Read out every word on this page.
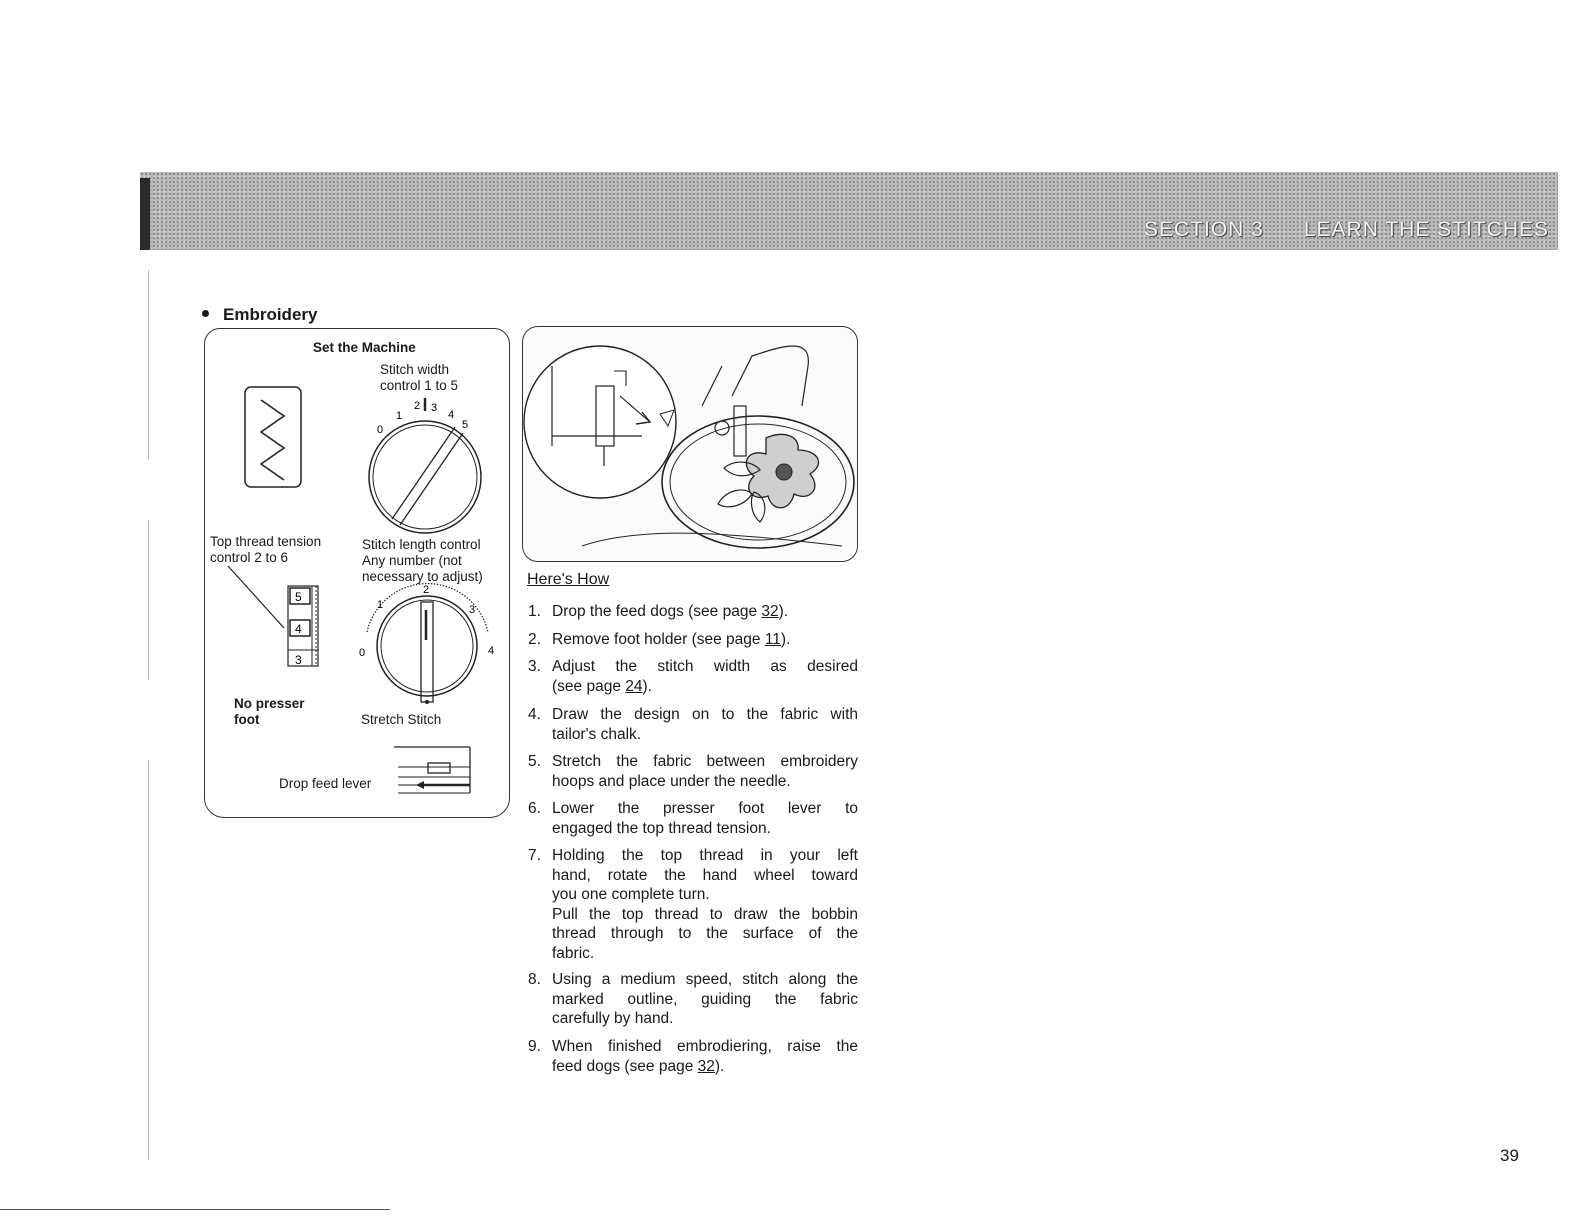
SECTION 3 LEARN THE STITCHES
Embroidery
Set the Machine
Stitch width
control 1 to 5
0
1
2 3
4
5
Top thread tension
control 2 to 6
Stitch length control
Any number (not
necessary to adjust)
5
4
3	0
1
2
3
4
No presser
foot	Stretch Stitch
Drop feed lever
Here's How
1. Drop the feed dogs (see page 32).
2. Remove foot holder (see page 11).
3. Adjust the stitch width as desired
(see page 24).
4. Draw the design on to the fabric with
tailor's chalk.
5. Stretch the fabric between embroidery
hoops and place under the needle.
6. Lower the presser foot lever to
engaged the top thread tension.
7. Holding the top thread in your left
hand, rotate the hand wheel toward
you one complete turn.
Pull the top thread to draw the bobbin
thread through to the surface of the
fabric.
8. Using a medium speed, stitch along the
marked outline, guiding the fabric
carefully by hand.
9. When finished embrodiering, raise the
feed dogs (see page 32).
39
